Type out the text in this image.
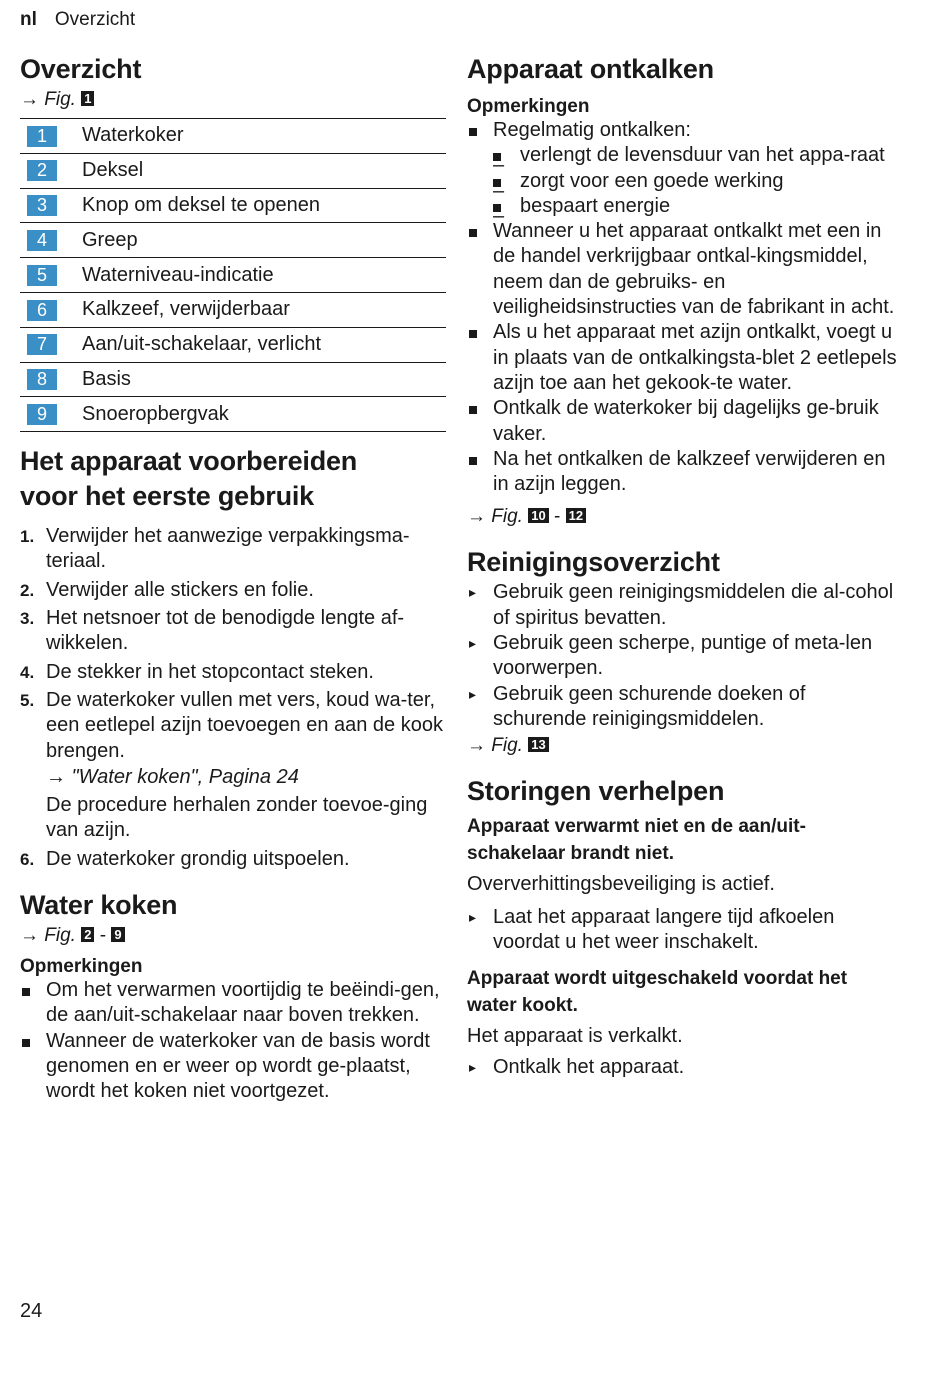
nl Overzicht
Overzicht
→ Fig. 1
1	Waterkoker
2	Deksel
3	Knop om deksel te openen
4	Greep
5	Waterniveau-indicatie
6	Kalkzeef, verwijderbaar
7	Aan/uit-schakelaar, verlicht
8	Basis
9	Snoeropbergvak
Het apparaat voorbereiden
voor het eerste gebruik
1. Verwijder het aanwezige verpakkingsma-teriaal.
2. Verwijder alle stickers en folie.
3. Het netsnoer tot de benodigde lengte af-wikkelen.
4. De stekker in het stopcontact steken.
5. De waterkoker vullen met vers, koud wa-ter, een eetlepel azijn toevoegen en aan de kook brengen.
→ "Water koken", Pagina 24
De procedure herhalen zonder toevoe-ging van azijn.
6. De waterkoker grondig uitspoelen.
Water koken
→ Fig. 2 - 9
Opmerkingen
Om het verwarmen voortijdig te beëindi-gen, de aan/uit-schakelaar naar boven trekken.
Wanneer de waterkoker van de basis wordt genomen en er weer op wordt ge-plaatst, wordt het koken niet voortgezet.
Apparaat ontkalken
Opmerkingen
Regelmatig ontkalken:
– verlengt de levensduur van het appa-raat
– zorgt voor een goede werking
– bespaart energie
Wanneer u het apparaat ontkalkt met een in de handel verkrijgbaar ontkal-kingsmiddel, neem dan de gebruiks- en veiligheidsinstructies van de fabrikant in acht.
Als u het apparaat met azijn ontkalkt, voegt u in plaats van de ontkalkingsta-blet 2 eetlepels azijn toe aan het gekook-te water.
Ontkalk de waterkoker bij dagelijks ge-bruik vaker.
Na het ontkalken de kalkzeef verwijderen en in azijn leggen.
→ Fig. 10 - 12
Reinigingsoverzicht
▸ Gebruik geen reinigingsmiddelen die al-cohol of spiritus bevatten.
▸ Gebruik geen scherpe, puntige of meta-len voorwerpen.
▸ Gebruik geen schurende doeken of schurende reinigingsmiddelen.
→ Fig. 13
Storingen verhelpen
Apparaat verwarmt niet en de aan/uit-schakelaar brandt niet.

Oververhittingsbeveiliging is actief.

▸ Laat het apparaat langere tijd afkoelen voordat u het weer inschakelt.
Apparaat wordt uitgeschakeld voordat het water kookt.

Het apparaat is verkalkt.

▸ Ontkalk het apparaat.
24
